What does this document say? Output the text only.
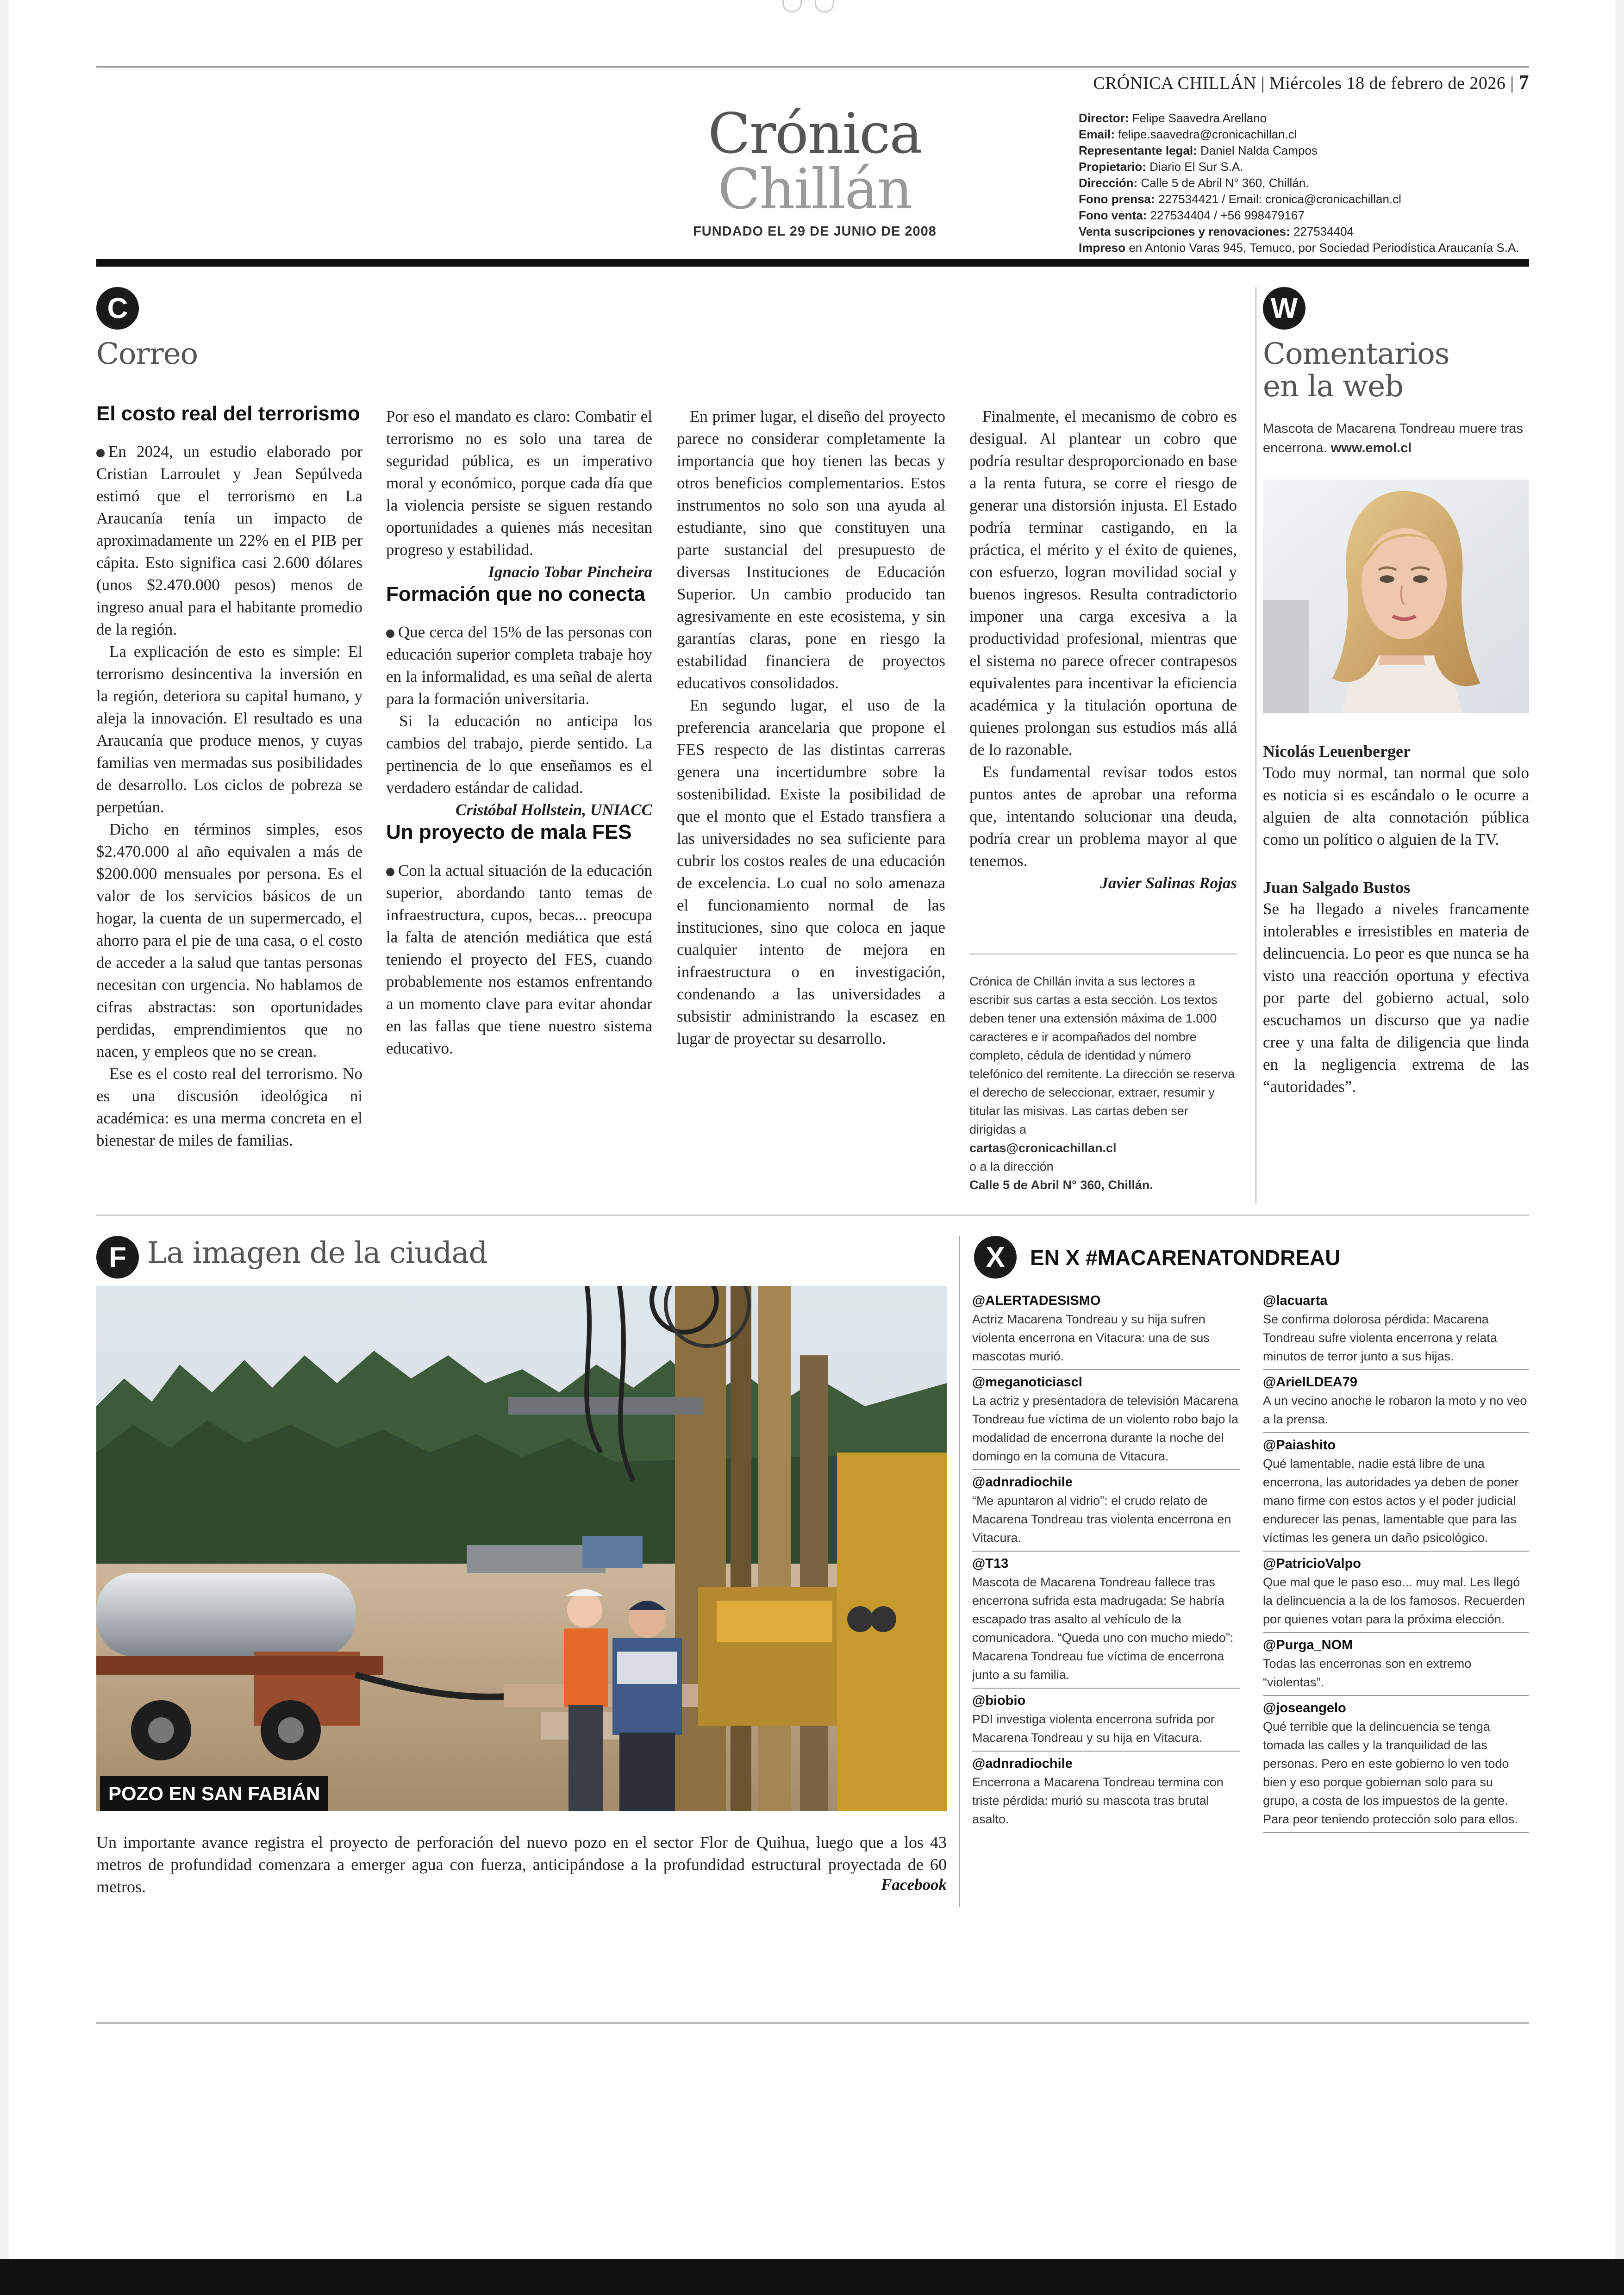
CRÓNICA CHILLÁN | Miércoles 18 de febrero de 2026 | 7
Crónica Chillán
FUNDADO EL 29 DE JUNIO DE 2008
Director: Felipe Saavedra Arellano
Email: felipe.saavedra@cronicachillan.cl
Representante legal: Daniel Nalda Campos
Propietario: Diario El Sur S.A.
Dirección: Calle 5 de Abril N° 360, Chillán.
Fono prensa: 227534421 / Email: cronica@cronicachillan.cl
Fono venta: 227534404 / +56 998479167
Venta suscripciones y renovaciones: 227534404
Impreso en Antonio Varas 945, Temuco, por Sociedad Periodística Araucanía S.A.
C
Correo
El costo real del terrorismo

En 2024, un estudio elaborado por Cristian Larroulet y Jean Sepúlveda estimó que el terrorismo en La Araucanía tenía un impacto de aproximadamente un 22% en el PIB per cápita. Esto significa casi 2.600 dólares (unos $2.470.000 pesos) menos de ingreso anual para el habitante promedio de la región.

La explicación de esto es simple: El terrorismo desincentiva la inversión en la región, deteriora su capital humano, y aleja la innovación. El resultado es una Araucanía que produce menos, y cuyas familias ven mermadas sus posibilidades de desarrollo. Los ciclos de pobreza se perpetúan.

Dicho en términos simples, esos $2.470.000 al año equivalen a más de $200.000 mensuales por persona. Es el valor de los servicios básicos de un hogar, la cuenta de un supermercado, el ahorro para el pie de una casa, o el costo de acceder a la salud que tantas personas necesitan con urgencia. No hablamos de cifras abstractas: son oportunidades perdidas, emprendimientos que no nacen, y empleos que no se crean.

Ese es el costo real del terrorismo. No es una discusión ideológica ni académica: es una merma concreta en el bienestar de miles de familias.

Por eso el mandato es claro: Combatir el terrorismo no es solo una tarea de seguridad pública, es un imperativo moral y económico, porque cada día que la violencia persiste se siguen restando oportunidades a quienes más necesitan progreso y estabilidad.

Ignacio Tobar Pincheira

Formación que no conecta

Que cerca del 15% de las personas con educación superior completa trabaje hoy en la informalidad, es una señal de alerta para la formación universitaria.

Si la educación no anticipa los cambios del trabajo, pierde sentido. La pertinencia de lo que enseñamos es el verdadero estándar de calidad.

Cristóbal Hollstein, UNIACC

Un proyecto de mala FES

Con la actual situación de la educación superior, abordando tanto temas de infraestructura, cupos, becas... preocupa la falta de atención mediática que está teniendo el proyecto del FES, cuando probablemente nos estamos enfrentando a un momento clave para evitar ahondar en las fallas que tiene nuestro sistema educativo.

En primer lugar, el diseño del proyecto parece no considerar completamente la importancia que hoy tienen las becas y otros beneficios complementarios. Estos instrumentos no solo son una ayuda al estudiante, sino que constituyen una parte sustancial del presupuesto de diversas Instituciones de Educación Superior. Un cambio producido tan agresivamente en este ecosistema, y sin garantías claras, pone en riesgo la estabilidad financiera de proyectos educativos consolidados.

En segundo lugar, el uso de la preferencia arancelaria que propone el FES respecto de las distintas carreras genera una incertidumbre sobre la sostenibilidad. Existe la posibilidad de que el monto que el Estado transfiera a las universidades no sea suficiente para cubrir los costos reales de una educación de excelencia. Lo cual no solo amenaza el funcionamiento normal de las instituciones, sino que coloca en jaque cualquier intento de mejora en infraestructura o en investigación, condenando a las universidades a subsistir administrando la escasez en lugar de proyectar su desarrollo.

Finalmente, el mecanismo de cobro es desigual. Al plantear un cobro que podría resultar desproporcionado en base a la renta futura, se corre el riesgo de generar una distorsión injusta. El Estado podría terminar castigando, en la práctica, el mérito y el éxito de quienes, con esfuerzo, logran movilidad social y buenos ingresos. Resulta contradictorio imponer una carga excesiva a la productividad profesional, mientras que el sistema no parece ofrecer contrapesos equivalentes para incentivar la eficiencia académica y la titulación oportuna de quienes prolongan sus estudios más allá de lo razonable.

Es fundamental revisar todos estos puntos antes de aprobar una reforma que, intentando solucionar una deuda, podría crear un problema mayor al que tenemos.

Javier Salinas Rojas

Crónica de Chillán invita a sus lectores a escribir sus cartas a esta sección. Los textos deben tener una extensión máxima de 1.000 caracteres e ir acompañados del nombre completo, cédula de identidad y número telefónico del remitente. La dirección se reserva el derecho de seleccionar, extraer, resumir y titular las misivas. Las cartas deben ser dirigidas a
cartas@cronicachillan.cl
o a la dirección
Calle 5 de Abril N° 360, Chillán.
W
Comentarios
en la web
Mascota de Macarena Tondreau muere tras encerrona. www.emol.cl
Nicolás Leuenberger

Todo muy normal, tan normal que solo es noticia si es escándalo o le ocurre a alguien de alta connotación pública como un político o alguien de la TV.

Juan Salgado Bustos

Se ha llegado a niveles francamente intolerables e irresistibles en materia de delincuencia. Lo peor es que nunca se ha visto una reacción oportuna y efectiva por parte del gobierno actual, solo escuchamos un discurso que ya nadie cree y una falta de diligencia que linda en la negligencia extrema de las “autoridades”.

F La imagen de la ciudad
POZO EN SAN FABIÁN
Un importante avance registra el proyecto de perforación del nuevo pozo en el sector Flor de Quihua, luego que a los 43 metros de profundidad comenzara a emerger agua con fuerza, anticipándose a la profundidad estructural proyectada de 60 metros.	Facebook
X	EN X #MACARENATONDREAU
@ALERTADESISMO
Actriz Macarena Tondreau y su hija sufren violenta encerrona en Vitacura: una de sus mascotas murió.
@meganoticiascl
La actriz y presentadora de televisión Macarena Tondreau fue víctima de un violento robo bajo la modalidad de encerrona durante la noche del domingo en la comuna de Vitacura.
@adnradiochile
“Me apuntaron al vidrio”: el crudo relato de Macarena Tondreau tras violenta encerrona en Vitacura.
@T13
Mascota de Macarena Tondreau fallece tras encerrona sufrida esta madrugada: Se habría escapado tras asalto al vehículo de la comunicadora. “Queda uno con mucho miedo”: Macarena Tondreau fue víctima de encerrona junto a su familia.
@biobio
PDI investiga violenta encerrona sufrida por Macarena Tondreau y su hija en Vitacura.
@adnradiochile
Encerrona a Macarena Tondreau termina con triste pérdida: murió su mascota tras brutal asalto.
@lacuarta
Se confirma dolorosa pérdida: Macarena Tondreau sufre violenta encerrona y relata minutos de terror junto a sus hijas.
@ArielLDEA79
A un vecino anoche le robaron la moto y no veo a la prensa.
@Paiashito
Qué lamentable, nadie está libre de una encerrona, las autoridades ya deben de poner mano firme con estos actos y el poder judicial endurecer las penas, lamentable que para las víctimas les genera un daño psicológico.
@PatricioValpo
Que mal que le paso eso... muy mal. Les llegó la delincuencia a la de los famosos. Recuerden por quienes votan para la próxima elección.
@Purga_NOM
Todas las encerronas son en extremo “violentas”.
@joseangelo
Qué terrible que la delincuencia se tenga tomada las calles y la tranquilidad de las personas. Pero en este gobierno lo ven todo bien y eso porque gobiernan solo para su grupo, a costa de los impuestos de la gente. Para peor teniendo protección solo para ellos.
